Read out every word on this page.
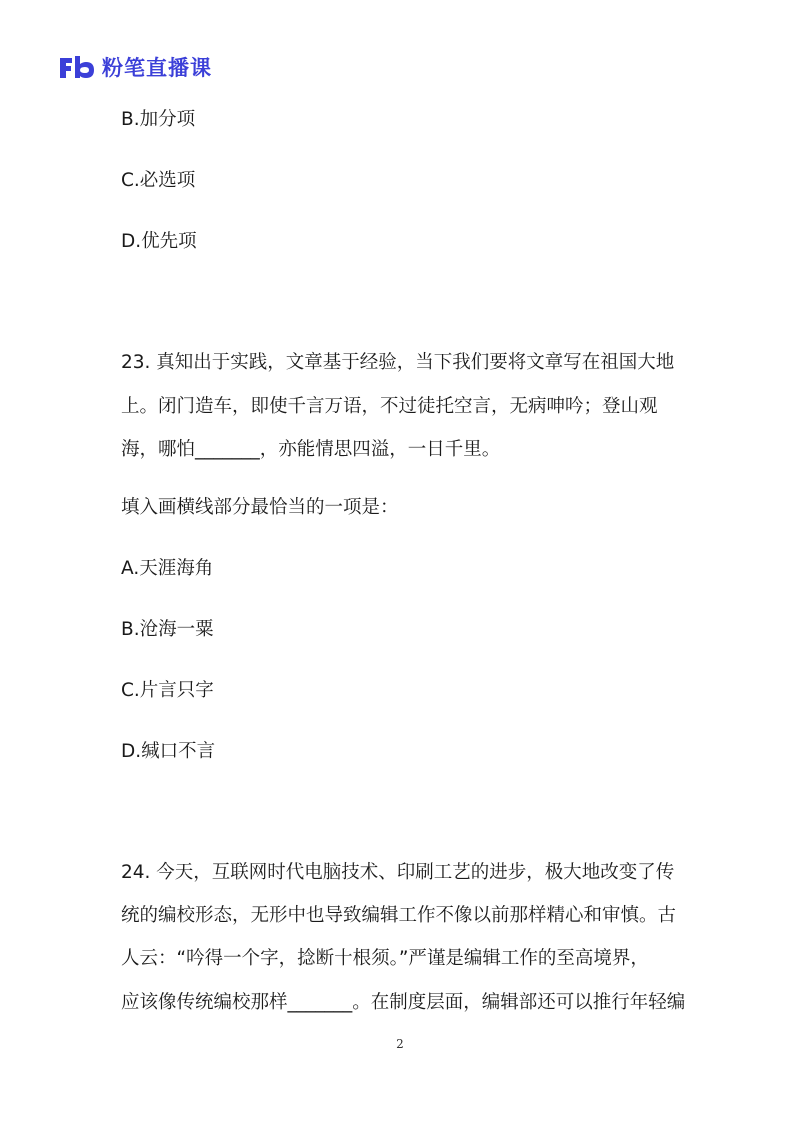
粉笔直播课
B.加分项
C.必选项
D.优先项
23. 真知出于实践，文章基于经验，当下我们要将文章写在祖国大地
上。闭门造车，即使千言万语，不过徒托空言，无病呻吟；登山观
海，哪怕_______，亦能情思四溢，一日千里。
填入画横线部分最恰当的一项是：
A.天涯海角
B.沧海一粟
C.片言只字
D.缄口不言
24. 今天，互联网时代电脑技术、印刷工艺的进步，极大地改变了传
统的编校形态，无形中也导致编辑工作不像以前那样精心和审慎。古
人云：“吟得一个字，捻断十根须。”严谨是编辑工作的至高境界，
应该像传统编校那样_______。在制度层面，编辑部还可以推行年轻编
2
